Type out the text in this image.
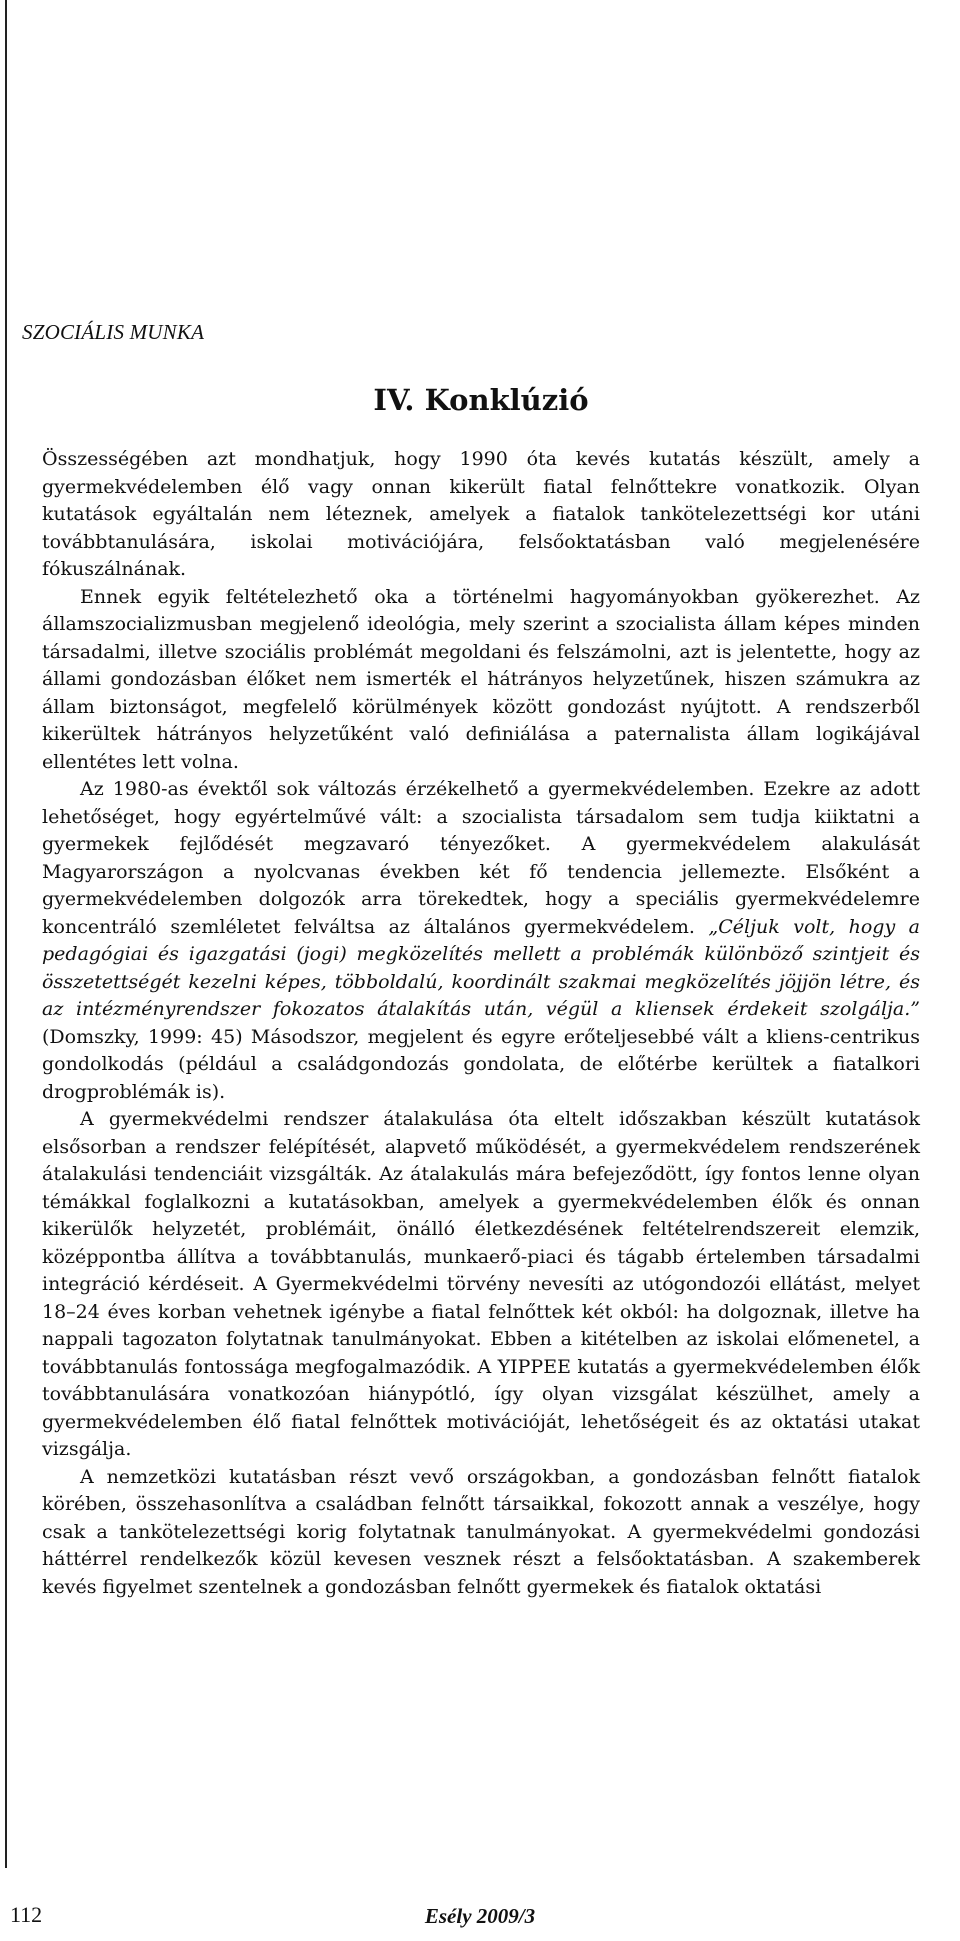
SZOCIÁLIS MUNKA
IV. Konklúzió

Összességében azt mondhatjuk, hogy 1990 óta kevés kutatás készült, amely a gyermekvédelemben élő vagy onnan kikerült fiatal felnőttekre vonatkozik. Olyan kutatások egyáltalán nem léteznek, amelyek a fiatalok tankötelezettségi kor utáni továbbtanulására, iskolai motivációjára, felsőoktatásban való megjelenésére fókuszálnának.

Ennek egyik feltételezhető oka a történelmi hagyományokban gyökerezhet. Az államszocializmusban megjelenő ideológia, mely szerint a szocialista állam képes minden társadalmi, illetve szociális problémát megoldani és felszámolni, azt is jelentette, hogy az állami gondozásban élőket nem ismerték el hátrányos helyzetűnek, hiszen számukra az állam biztonságot, megfelelő körülmények között gondozást nyújtott. A rendszerből kikerültek hátrányos helyzetűként való definiálása a paternalista állam logikájával ellentétes lett volna.

Az 1980-as évektől sok változás érzékelhető a gyermekvédelemben. Ezekre az adott lehetőséget, hogy egyértelművé vált: a szocialista társadalom sem tudja kiiktatni a gyermekek fejlődését megzavaró tényezőket. A gyermekvédelem alakulását Magyarországon a nyolcvanas években két fő tendencia jellemezte. Elsőként a gyermekvédelemben dolgozók arra törekedtek, hogy a speciális gyermekvédelemre koncentráló szemléletet felváltsa az általános gyermekvédelem. „Céljuk volt, hogy a pedagógiai és igazgatási (jogi) megközelítés mellett a problémák különböző szintjeit és összetettségét kezelni képes, többoldalú, koordinált szakmai megközelítés jöjjön létre, és az intézményrendszer fokozatos átalakítás után, végül a kliensek érdekeit szolgálja.” (Domszky, 1999: 45) Másodszor, megjelent és egyre erőteljesebbé vált a kliens-centrikus gondolkodás (például a családgondozás gondolata, de előtérbe kerültek a fiatalkori drogproblémák is).

A gyermekvédelmi rendszer átalakulása óta eltelt időszakban készült kutatások elsősorban a rendszer felépítését, alapvető működését, a gyermekvédelem rendszerének átalakulási tendenciáit vizsgálták. Az átalakulás mára befejeződött, így fontos lenne olyan témákkal foglalkozni a kutatásokban, amelyek a gyermekvédelemben élők és onnan kikerülők helyzetét, problémáit, önálló életkezdésének feltételrendszereit elemzik, középpontba állítva a továbbtanulás, munkaerő-piaci és tágabb értelemben társadalmi integráció kérdéseit. A Gyermekvédelmi törvény nevesíti az utógondozói ellátást, melyet 18–24 éves korban vehetnek igénybe a fiatal felnőttek két okból: ha dolgoznak, illetve ha nappali tagozaton folytatnak tanulmányokat. Ebben a kitételben az iskolai előmenetel, a továbbtanulás fontossága megfogalmazódik. A YIPPEE kutatás a gyermekvédelemben élők továbbtanulására vonatkozóan hiánypótló, így olyan vizsgálat készülhet, amely a gyermekvédelemben élő fiatal felnőttek motivációját, lehetőségeit és az oktatási utakat vizsgálja.

A nemzetközi kutatásban részt vevő országokban, a gondozásban felnőtt fiatalok körében, összehasonlítva a családban felnőtt társaikkal, fokozott annak a veszélye, hogy csak a tankötelezettségi korig folytatnak tanulmányokat. A gyermekvédelmi gondozási háttérrel rendelkezők közül kevesen vesznek részt a felsőoktatásban. A szakemberek kevés figyelmet szentelnek a gondozásban felnőtt gyermekek és fiatalok oktatási

112	Esély 2009/3
